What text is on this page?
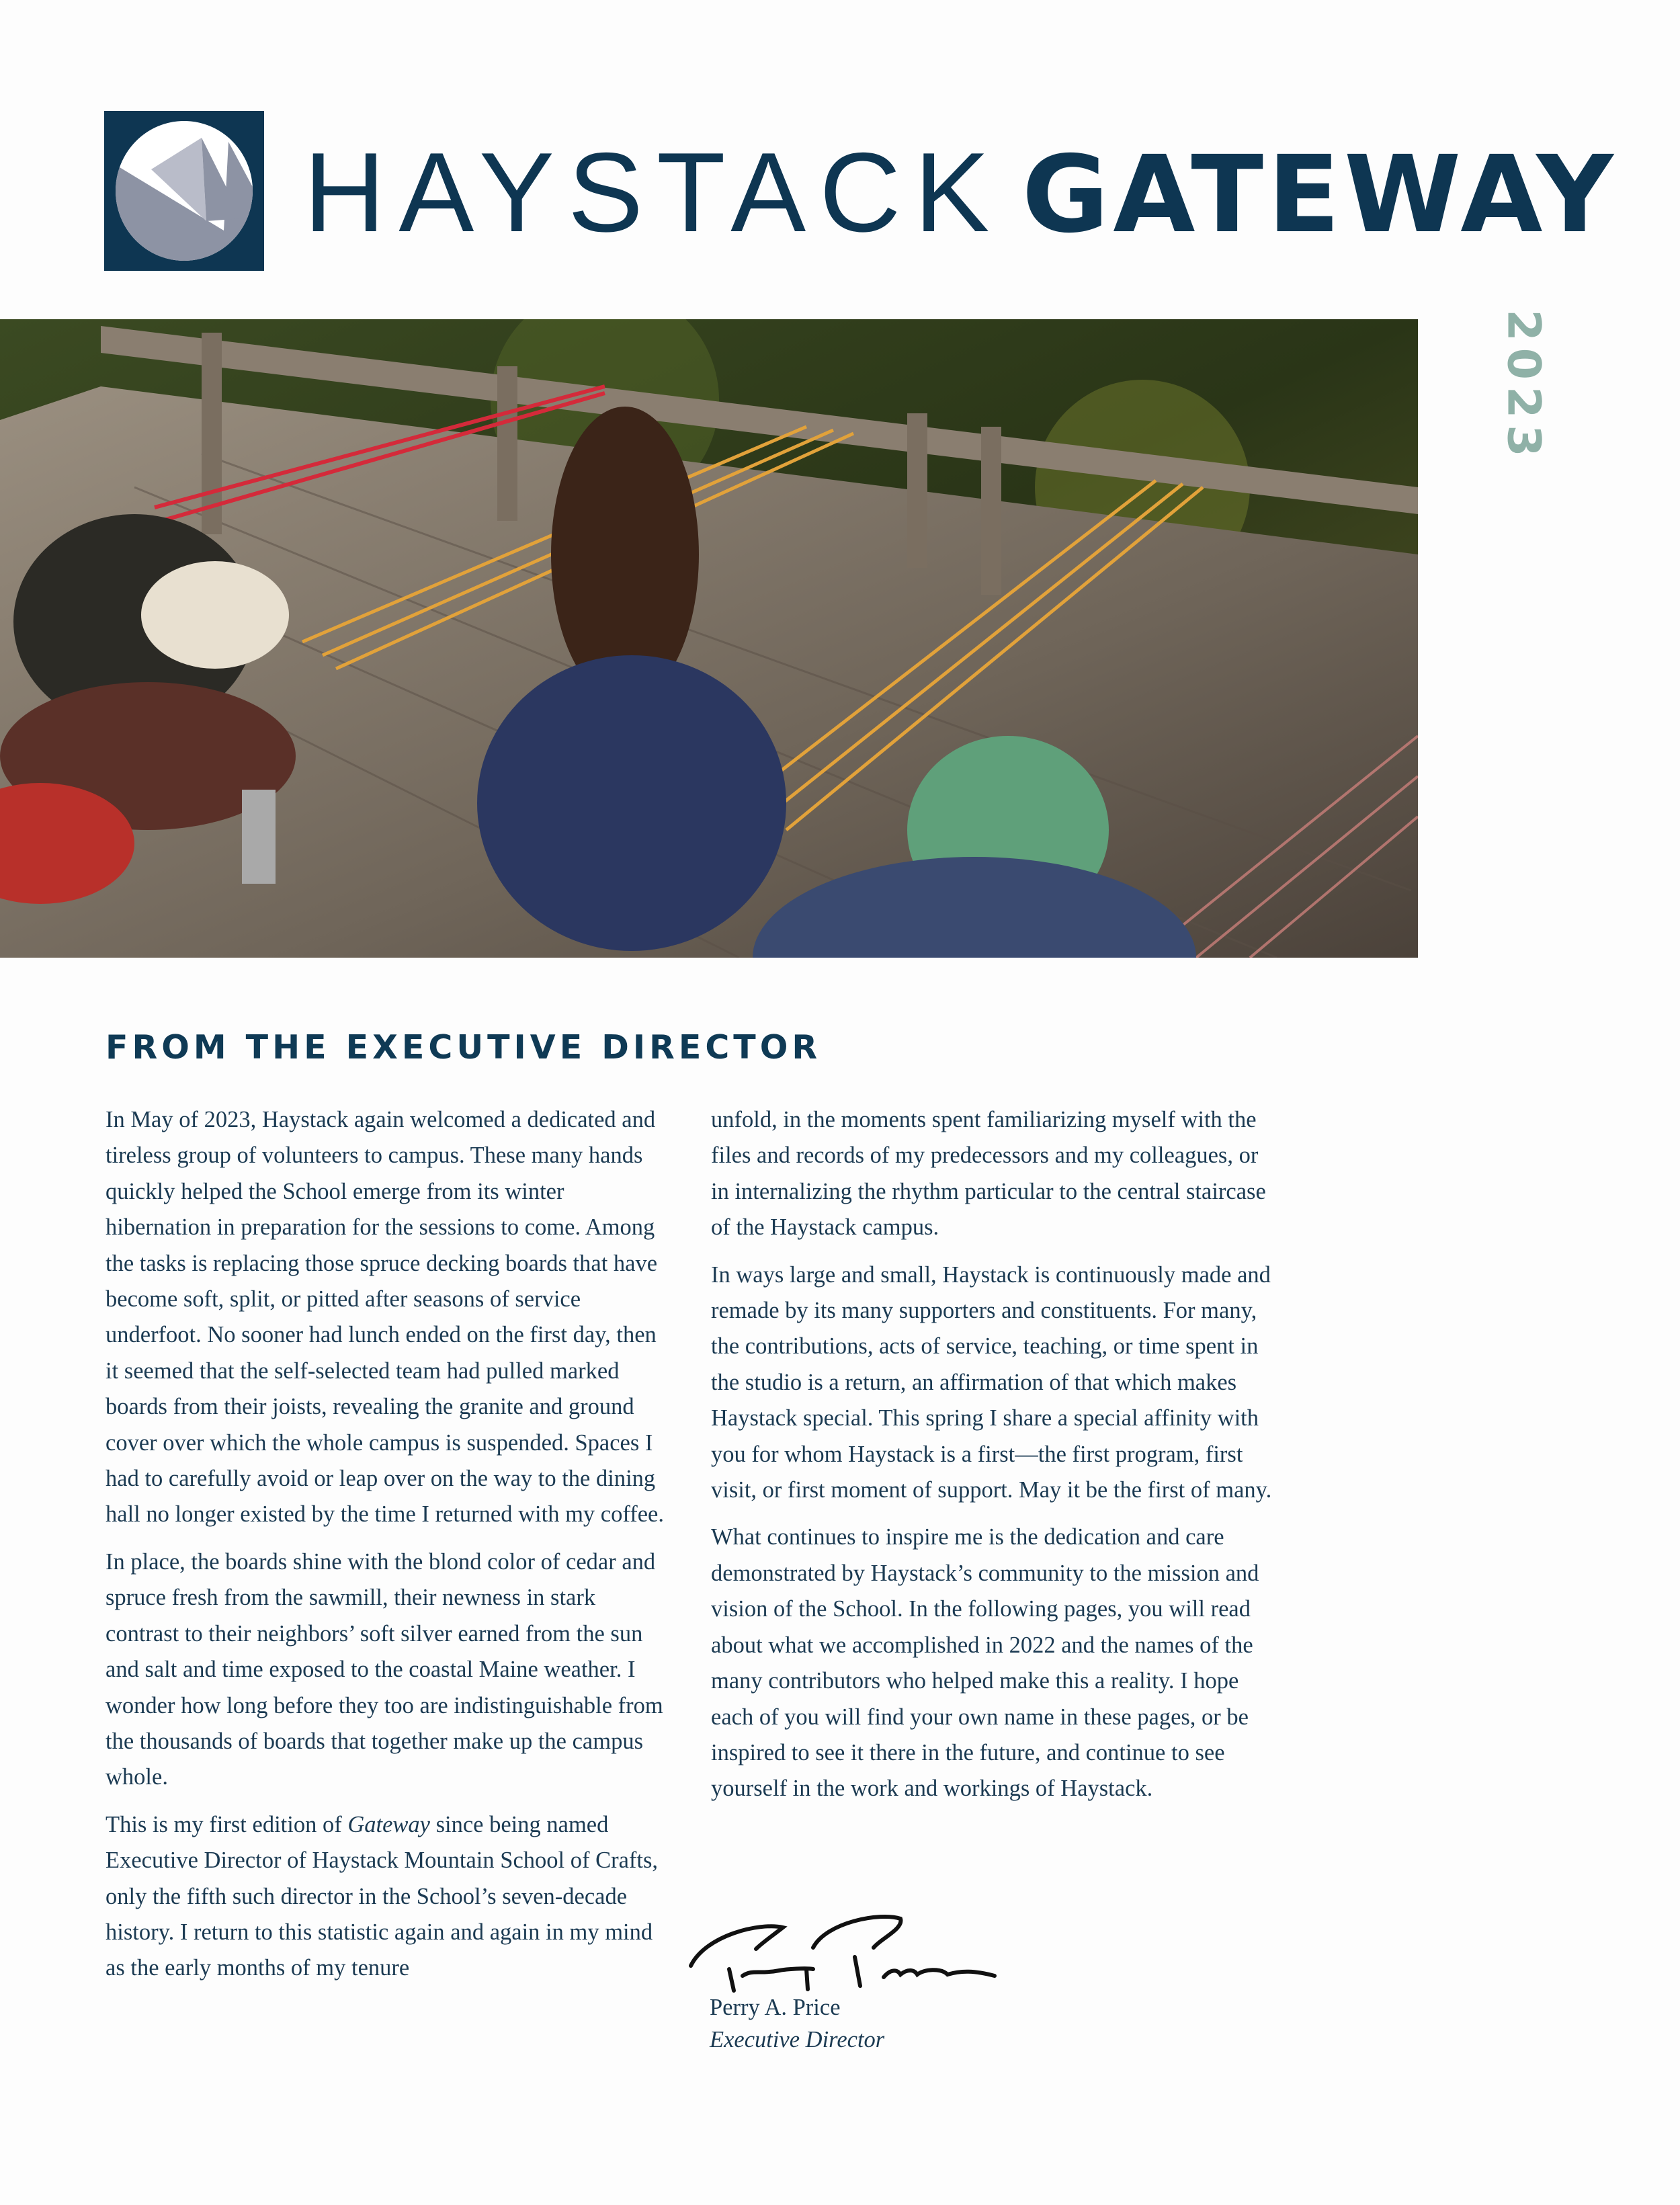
HAYSTACK GATEWAY
2023
FROM THE EXECUTIVE DIRECTOR

In May of 2023, Haystack again welcomed a dedicated and tireless group of volunteers to campus. These many hands quickly helped the School emerge from its winter hibernation in preparation for the sessions to come. Among the tasks is replacing those spruce decking boards that have become soft, split, or pitted after seasons of service underfoot. No sooner had lunch ended on the first day, then it seemed that the self-selected team had pulled marked boards from their joists, revealing the granite and ground cover over which the whole campus is suspended. Spaces I had to carefully avoid or leap over on the way to the dining hall no longer existed by the time I returned with my coffee.

In place, the boards shine with the blond color of cedar and spruce fresh from the sawmill, their newness in stark contrast to their neighbors’ soft silver earned from the sun and salt and time exposed to the coastal Maine weather. I wonder how long before they too are indistinguishable from the thousands of boards that together make up the campus whole.

This is my first edition of Gateway since being named Executive Director of Haystack Mountain School of Crafts, only the fifth such director in the School’s seven-decade history. I return to this statistic again and again in my mind as the early months of my tenure

unfold, in the moments spent familiarizing myself with the files and records of my predecessors and my colleagues, or in internalizing the rhythm particular to the central staircase of the Haystack campus.

In ways large and small, Haystack is continuously made and remade by its many supporters and constituents. For many, the contributions, acts of service, teaching, or time spent in the studio is a return, an affirmation of that which makes Haystack special. This spring I share a special affinity with you for whom Haystack is a first—the first program, first visit, or first moment of support. May it be the first of many.

What continues to inspire me is the dedication and care demonstrated by Haystack’s community to the mission and vision of the School. In the following pages, you will read about what we accomplished in 2022 and the names of the many contributors who helped make this a reality. I hope each of you will find your own name in these pages, or be inspired to see it there in the future, and continue to see yourself in the work and workings of Haystack.

Perry A. Price
Executive Director
